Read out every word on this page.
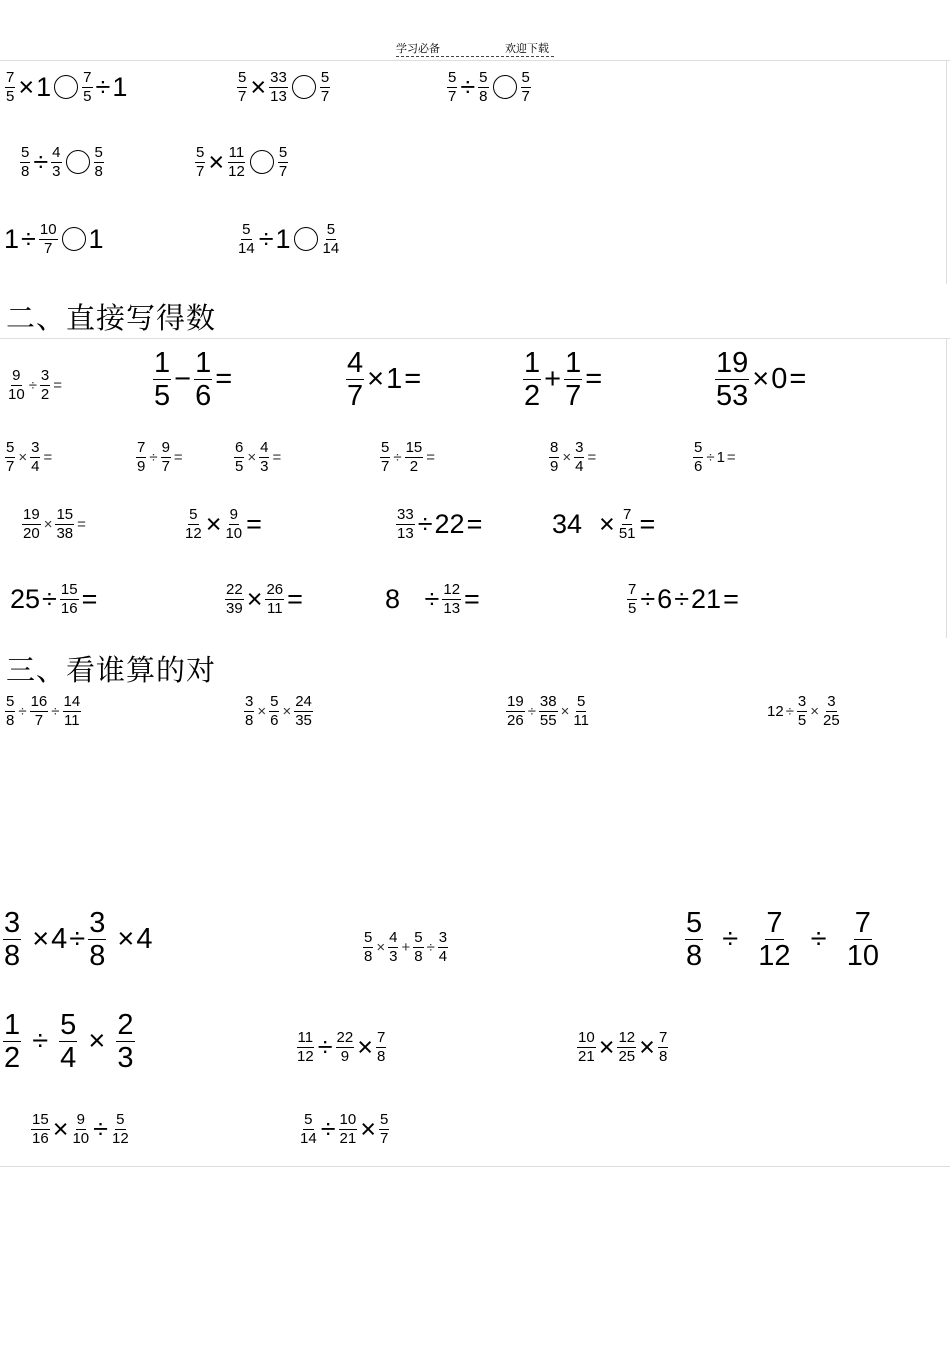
学习必备	欢迎下载
二、直接写得数
三、看谁算的对
$\frac{7}{5} \times 1 \frac{7}{5} \div 1$	$\frac{5}{7} \times \frac{33}{13} \frac{5}{7}$	$\frac{5}{7} \div \frac{5}{8} \frac{5}{7}$
$\frac{5}{8} \div \frac{4}{3} \frac{5}{8}$	$\frac{5}{7} \times \frac{11}{12} \frac{5}{7}$
$1 \div \frac{10}{7} 1$	$\frac{5}{14} \div 1 \frac{5}{14}$
$\frac{9}{10} \div \frac{3}{2}$ =	$\frac{1}{5} - \frac{1}{6}$ =	$\frac{4}{7} \times 1$ =	$\frac{1}{2} + \frac{1}{7}$ =	$\frac{19}{53} \times 0$ =
$\frac{5}{7} \times \frac{3}{4}$ =	$\frac{7}{9} \div \frac{9}{7}$ =	$\frac{6}{5} \times \frac{4}{3}$ =	$\frac{5}{7} \div \frac{15}{2}$ =	$\frac{8}{9} \times \frac{3}{4}$ =	$\frac{5}{6} \div 1$ =
$\frac{19}{20} \times \frac{15}{38}$ =	$\frac{5}{12} \times \frac{9}{10}$ =	$\frac{33}{13} \div 22$ =	$34 \times \frac{7}{51}$ =
$25 \div \frac{15}{16}$ =	$\frac{22}{39} \times \frac{26}{11}$ =	$8 \div \frac{12}{13}$ =	$\frac{7}{5} \div 6 \div 21$ =
$\frac{5}{8} \div \frac{16}{7} \div \frac{14}{11}$	$\frac{3}{8} \times \frac{5}{6} \times \frac{24}{35}$	$\frac{19}{26} \div \frac{38}{55} \times \frac{5}{11}$	$12 \div \frac{3}{5} \times \frac{3}{25}$
$\frac{3}{8} \times 4 \div \frac{3}{8} \times 4$	$\frac{5}{8} \times \frac{4}{3} + \frac{5}{8} \div \frac{3}{4}$	$\frac{5}{8} \div \frac{7}{12} \div \frac{7}{10}$
$\frac{1}{2} \div \frac{5}{4} \times \frac{2}{3}$	$\frac{11}{12} \div \frac{22}{9} \times \frac{7}{8}$	$\frac{10}{21} \times \frac{12}{25} \times \frac{7}{8}$
$\frac{15}{16} \times \frac{9}{10} \div \frac{5}{12}$	$\frac{5}{14} \div \frac{10}{21} \times \frac{5}{7}$
